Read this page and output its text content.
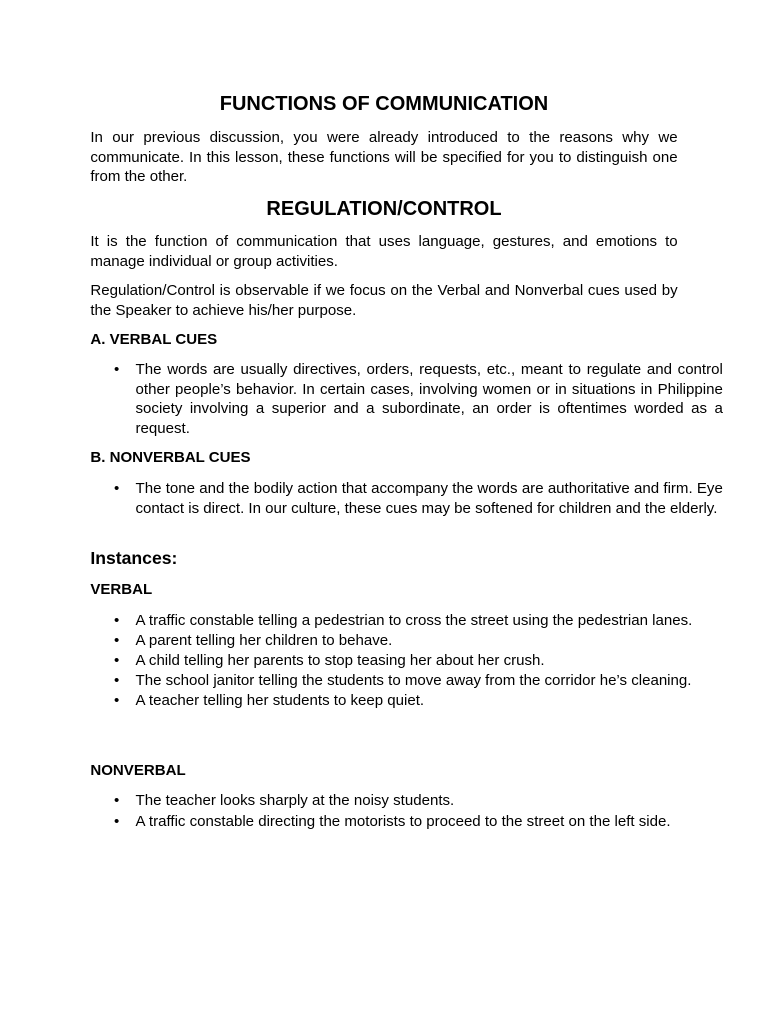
FUNCTIONS OF COMMUNICATION
In our previous discussion, you were already introduced to the reasons why we communicate. In this lesson, these functions will be specified for you to distinguish one from the other.
REGULATION/CONTROL
It is the function of communication that uses language, gestures, and emotions to manage individual or group activities.
Regulation/Control is observable if we focus on the Verbal and Nonverbal cues used by the Speaker to achieve his/her purpose.
A. VERBAL CUES
•
The words are usually directives, orders, requests, etc., meant to regulate and control other people’s behavior. In certain cases, involving women or in situations in Philippine society involving a superior and a subordinate, an order is oftentimes worded as a request.
B. NONVERBAL CUES
•
The tone and the bodily action that accompany the words are authoritative and firm. Eye contact is direct. In our culture, these cues may be softened for children and the elderly.
Instances:
VERBAL
•
A traffic constable telling a pedestrian to cross the street using the pedestrian lanes.
•
A parent telling her children to behave.
•
A child telling her parents to stop teasing her about her crush.
•
The school janitor telling the students to move away from the corridor he’s cleaning.
•
A teacher telling her students to keep quiet.
NONVERBAL
•
The teacher looks sharply at the noisy students.
•
A traffic constable directing the motorists to proceed to the street on the left side.
